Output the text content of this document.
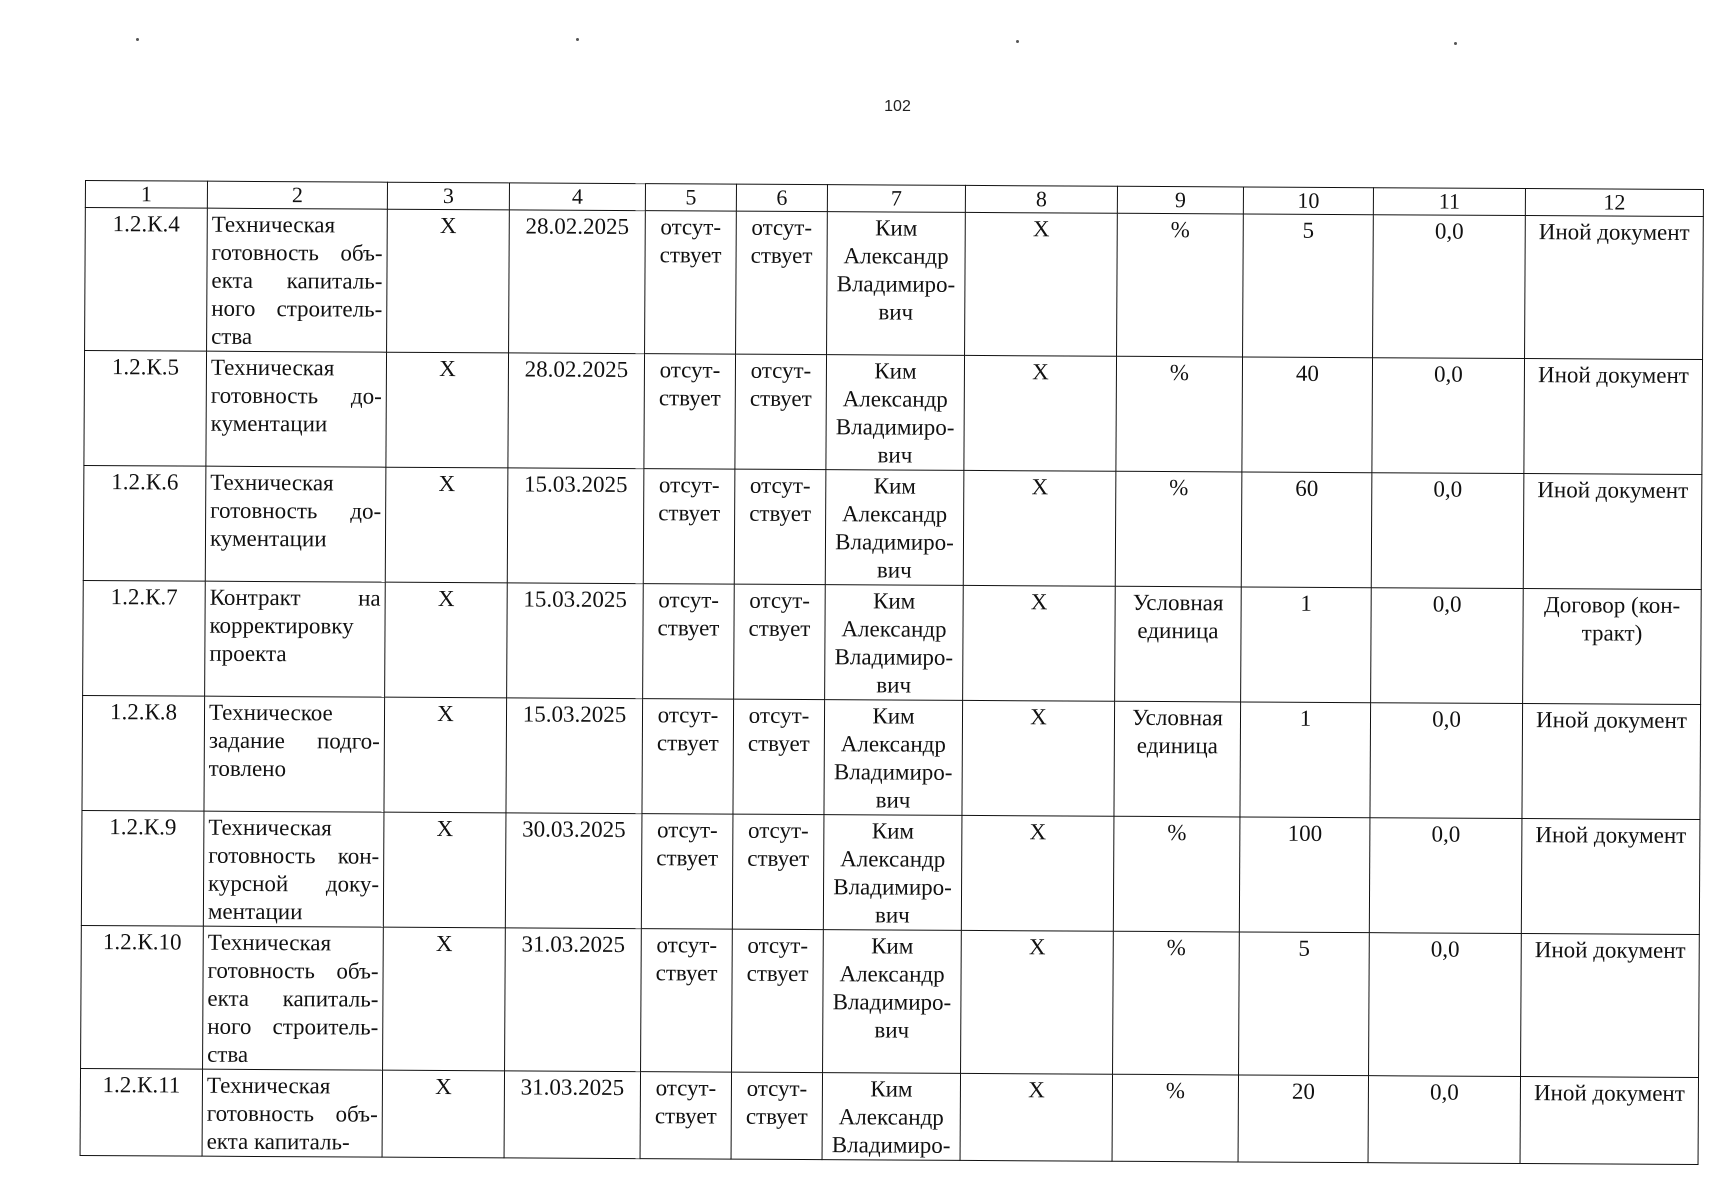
102
1	2	3	4	5	6	7	8	9	10	11	12
1.2.К.4	Техническая готовность объ-екта капиталь-ного строитель-ства	Х	28.02.2025	отсут-ствует	отсут-ствует	Ким Александр Владимиро-вич	Х	%	5	0,0	Иной документ
1.2.К.5	Техническая готовность до-кументации	Х	28.02.2025	отсут-ствует	отсут-ствует	Ким Александр Владимиро-вич	Х	%	40	0,0	Иной документ
1.2.К.6	Техническая готовность до-кументации	Х	15.03.2025	отсут-ствует	отсут-ствует	Ким Александр Владимиро-вич	Х	%	60	0,0	Иной документ
1.2.К.7	Контракт на корректировку проекта	Х	15.03.2025	отсут-ствует	отсут-ствует	Ким Александр Владимиро-вич	Х	Условная единица	1	0,0	Договор (кон-тракт)
1.2.К.8	Техническое задание подго-товлено	Х	15.03.2025	отсут-ствует	отсут-ствует	Ким Александр Владимиро-вич	Х	Условная единица	1	0,0	Иной документ
1.2.К.9	Техническая готовность кон-курсной доку-ментации	Х	30.03.2025	отсут-ствует	отсут-ствует	Ким Александр Владимиро-вич	Х	%	100	0,0	Иной документ
1.2.К.10	Техническая готовность объ-екта капиталь-ного строитель-ства	Х	31.03.2025	отсут-ствует	отсут-ствует	Ким Александр Владимиро-вич	Х	%	5	0,0	Иной документ
1.2.К.11	Техническая готовность объ-екта капиталь-	Х	31.03.2025	отсут-ствует	отсут-ствует	Ким Александр Владимиро-	Х	%	20	0,0	Иной документ
